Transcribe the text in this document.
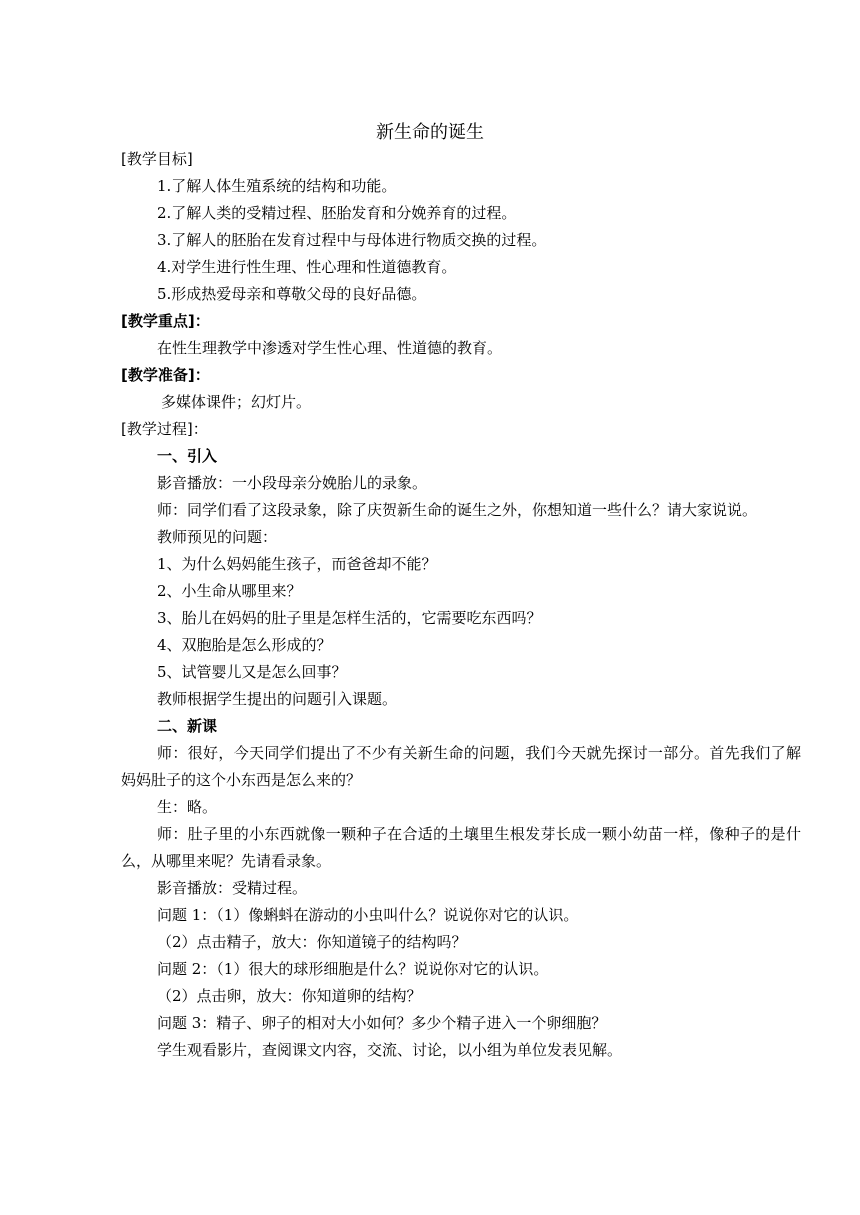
新生命的诞生

[教学目标]

1.了解人体生殖系统的结构和功能。

2.了解人类的受精过程、胚胎发育和分娩养育的过程。

3.了解人的胚胎在发育过程中与母体进行物质交换的过程。

4.对学生进行性生理、性心理和性道德教育。

5.形成热爱母亲和尊敬父母的良好品德。

[教学重点]：

在性生理教学中渗透对学生性心理、性道德的教育。

[教学准备]：

多媒体课件；幻灯片。

[教学过程]：

一、引入

影音播放：一小段母亲分娩胎儿的录象。

师：同学们看了这段录象，除了庆贺新生命的诞生之外，你想知道一些什么？请大家说说。

教师预见的问题：

1、为什么妈妈能生孩子，而爸爸却不能？

2、小生命从哪里来？

3、胎儿在妈妈的肚子里是怎样生活的，它需要吃东西吗？

4、双胞胎是怎么形成的？

5、试管婴儿又是怎么回事？

教师根据学生提出的问题引入课题。

二、新课

师：很好，今天同学们提出了不少有关新生命的问题，我们今天就先探讨一部分。首先我们了解妈妈肚子的这个小东西是怎么来的？

生：略。

师：肚子里的小东西就像一颗种子在合适的土壤里生根发芽长成一颗小幼苗一样，像种子的是什么，从哪里来呢？先请看录象。

影音播放：受精过程。

问题 1：（1）像蝌蚪在游动的小虫叫什么？说说你对它的认识。

（2）点击精子，放大：你知道镜子的结构吗？

问题 2：（1）很大的球形细胞是什么？说说你对它的认识。

（2）点击卵，放大：你知道卵的结构？

问题 3：精子、卵子的相对大小如何？多少个精子进入一个卵细胞？

学生观看影片，查阅课文内容，交流、讨论，以小组为单位发表见解。
